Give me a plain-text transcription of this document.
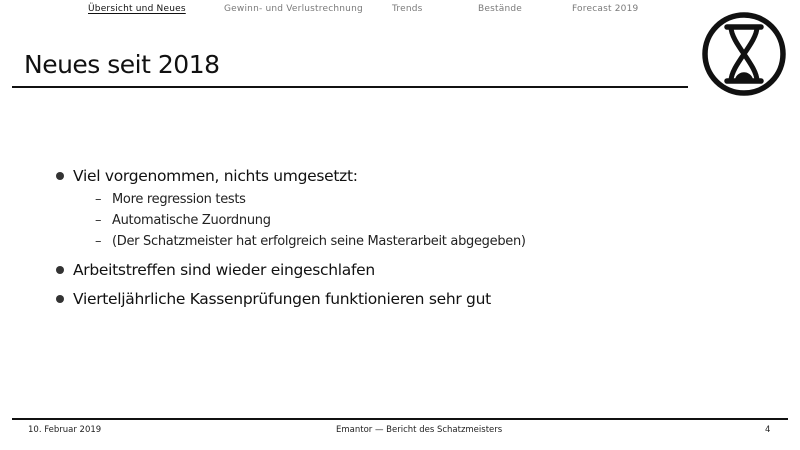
Übersicht und Neues	Gewinn- und Verlustrechnung	Trends	Bestände	Forecast 2019
Neues seit 2018
Viel vorgenommen, nichts umgesetzt:
– More regression tests
– Automatische Zuordnung
– (Der Schatzmeister hat erfolgreich seine Masterarbeit abgegeben)
Arbeitstreffen sind wieder eingeschlafen
Vierteljährliche Kassenprüfungen funktionieren sehr gut
10. Februar 2019	Emantor — Bericht des Schatzmeisters	4
